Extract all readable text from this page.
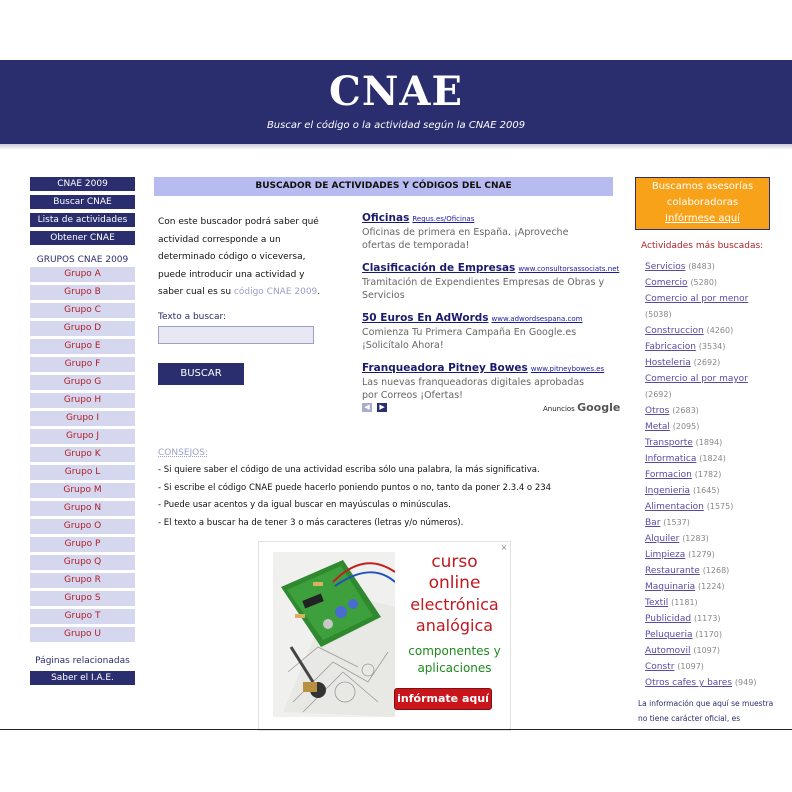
CNAE
Buscar el código o la actividad según la CNAE 2009
CNAE 2009
Buscar CNAE
Lista de actividades
Obtener CNAE
GRUPOS CNAE 2009
Grupo A
Grupo B
Grupo C
Grupo D
Grupo E
Grupo F
Grupo G
Grupo H
Grupo I
Grupo J
Grupo K
Grupo L
Grupo M
Grupo N
Grupo O
Grupo P
Grupo Q
Grupo R
Grupo S
Grupo T
Grupo U
Páginas relacionadas
Saber el I.A.E.
BUSCADOR DE ACTIVIDADES Y CÓDIGOS DEL CNAE
Con este buscador podrá saber qué
actividad corresponde a un
determinado código o viceversa,
puede introducir una actividad y
saber cual es su código CNAE 2009.
Texto a buscar:
BUSCAR
Oficinas Regus.es/Oficinas
Oficinas de primera en España. ¡Aproveche
ofertas de temporada!
Clasificación de Empresas www.consultorsassociats.net
Tramitación de Expendientes Empresas de Obras y
Servicios
50 Euros En AdWords www.adwordsespana.com
Comienza Tu Primera Campaña En Google.es
¡Solicítalo Ahora!
Franqueadora Pitney Bowes www.pitneybowes.es
Las nuevas franqueadoras digitales aprobadas
por Correos ¡Ofertas!
◀ ▶	Anuncios Google
CONSEJOS:
- Si quiere saber el código de una actividad escriba sólo una palabra, la más significativa.
- Si escribe el código CNAE puede hacerlo poniendo puntos o no, tanto da poner 2.3.4 o 234
- Puede usar acentos y da igual buscar en mayúsculas o minúsculas.
- El texto a buscar ha de tener 3 o más caracteres (letras y/o números).
×
curso
online
electrónica
analógica
componentes y
aplicaciones
infórmate aquí
Buscamos asesorías
colaboradoras
Infórmese aquí
Actividades más buscadas:
Servicios (8483)
Comercio (5280)
Comercio al por menor (5038)
Construccion (4260)
Fabricacion (3534)
Hosteleria (2692)
Comercio al por mayor (2692)
Otros (2683)
Metal (2095)
Transporte (1894)
Informatica (1824)
Formacion (1782)
Ingenieria (1645)
Alimentacion (1575)
Bar (1537)
Alquiler (1283)
Limpieza (1279)
Restaurante (1268)
Maquinaria (1224)
Textil (1181)
Publicidad (1173)
Peluqueria (1170)
Automovil (1097)
Constr (1097)
Otros cafes y bares (949)
La información que aquí se muestra
no tiene carácter oficial, es
